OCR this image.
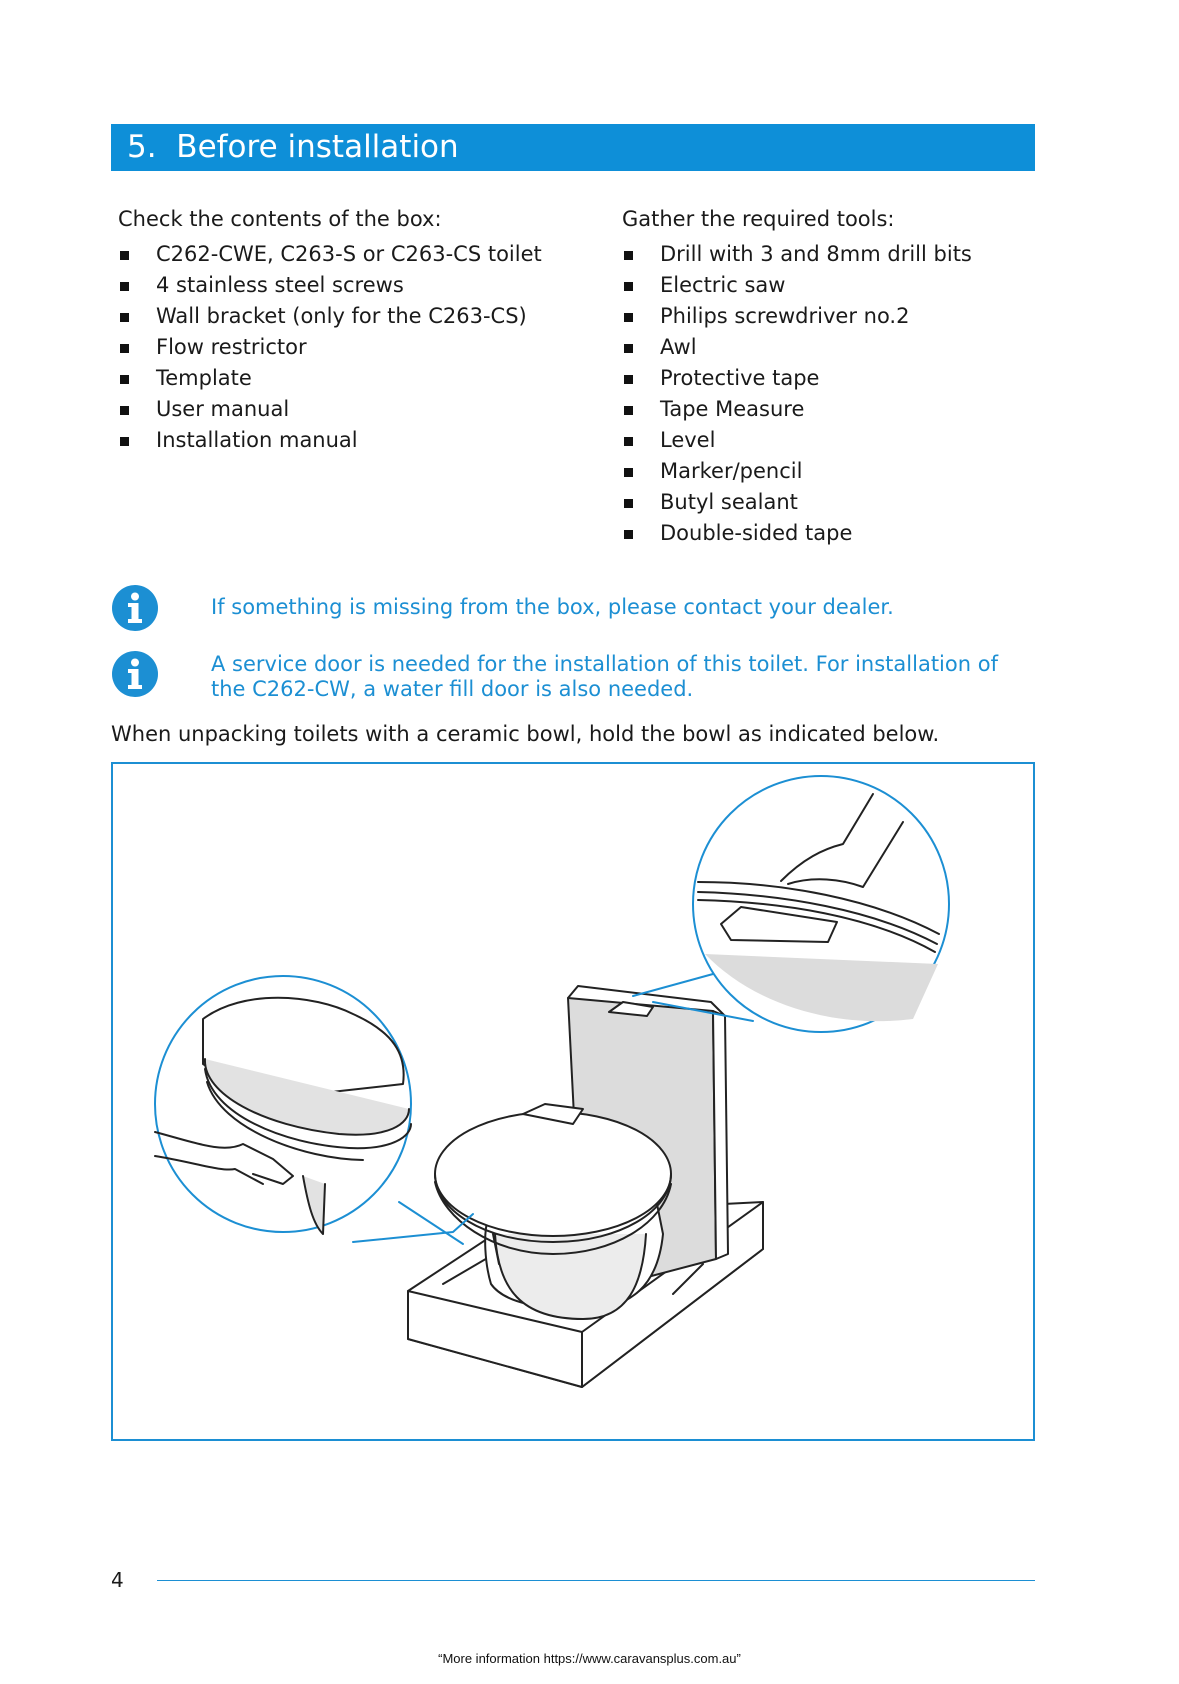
5. Before installation
Check the contents of the box:
C262-CWE, C263-S or C263-CS toilet
4 stainless steel screws
Wall bracket (only for the C263-CS)
Flow restrictor
Template
User manual
Installation manual
Gather the required tools:
Drill with 3 and 8mm drill bits
Electric saw
Philips screwdriver no.2
Awl
Protective tape
Tape Measure
Level
Marker/pencil
Butyl sealant
Double-sided tape
If something is missing from the box, please contact your dealer.
A service door is needed for the installation of this toilet. For installation of the C262-CW, a water fill door is also needed.
When unpacking toilets with a ceramic bowl, hold the bowl as indicated below.
4
“More information https://www.caravansplus.com.au”
